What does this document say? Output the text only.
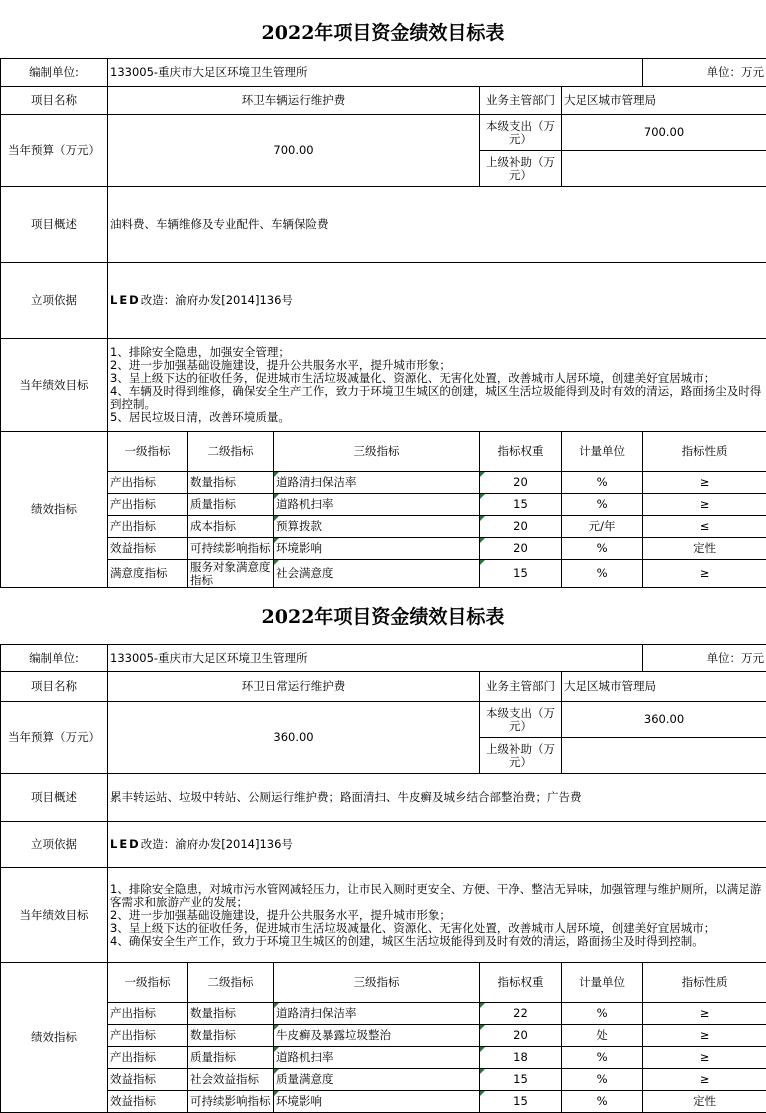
2022年项目资金绩效目标表
编制单位:	133005-重庆市大足区环境卫生管理所					单位：万元	
项目名称	环卫车辆运行维护费			业务主管部门	大足区城市管理局		
当年预算（万元）	700.00			本级支出（万元）	700.00		
				上级补助（万元）			
项目概述	油料费、车辆维修及专业配件、车辆保险费						
立项依据	LED改造：渝府办发[2014]136号						
当年绩效目标	1、排除安全隐患，加强安全管理；
2、进一步加强基础设施建设，提升公共服务水平，提升城市形象；
3、呈上级下达的征收任务，促进城市生活垃圾减量化、资源化、无害化处置，改善城市人居环境，创建美好宜居城市；
4、车辆及时得到维修，确保安全生产工作，致力于环境卫生城区的创建，城区生活垃圾能得到及时有效的清运，路面扬尘及时得到控制。
5、居民垃圾日清，改善环境质量。						

绩效指标	一级指标	二级指标	三级指标	指标权重	计量单位	指标性质	
	产出指标	数量指标	道路清扫保洁率	20	%	≥	
	产出指标	质量指标	道路机扫率	15	%	≥	
	产出指标	成本指标	预算拨款	20	元/年	≤	
	效益指标	可持续影响指标	环境影响	20	%	定性	
	满意度指标	服务对象满意度指标	社会满意度	15	%	≥	
2022年项目资金绩效目标表
编制单位:	133005-重庆市大足区环境卫生管理所					单位：万元	
项目名称	环卫日常运行维护费			业务主管部门	大足区城市管理局		
当年预算（万元）	360.00			本级支出（万元）	360.00		
				上级补助（万元）			
项目概述	累丰转运站、垃圾中转站、公厕运行维护费；路面清扫、牛皮癣及城乡结合部整治费；广告费						
立项依据	LED改造：渝府办发[2014]136号						
当年绩效目标	1、排除安全隐患，对城市污水管网减轻压力，让市民入厕时更安全、方便、干净、整洁无异味，加强管理与维护厕所，以满足游客需求和旅游产业的发展；
2、进一步加强基础设施建设，提升公共服务水平，提升城市形象；
3、呈上级下达的征收任务，促进城市生活垃圾减量化、资源化、无害化处置，改善城市人居环境，创建美好宜居城市；
4、确保安全生产工作，致力于环境卫生城区的创建，城区生活垃圾能得到及时有效的清运，路面扬尘及时得到控制。						

绩效指标	一级指标	二级指标	三级指标	指标权重	计量单位	指标性质	
	产出指标	数量指标	道路清扫保洁率	22	%	≥	
	产出指标	数量指标	牛皮癣及暴露垃圾整治	20	处	≥	
	产出指标	质量指标	道路机扫率	18	%	≥	
	效益指标	社会效益指标	质量满意度	15	%	≥	
	效益指标	可持续影响指标	环境影响	15	%	定性	
